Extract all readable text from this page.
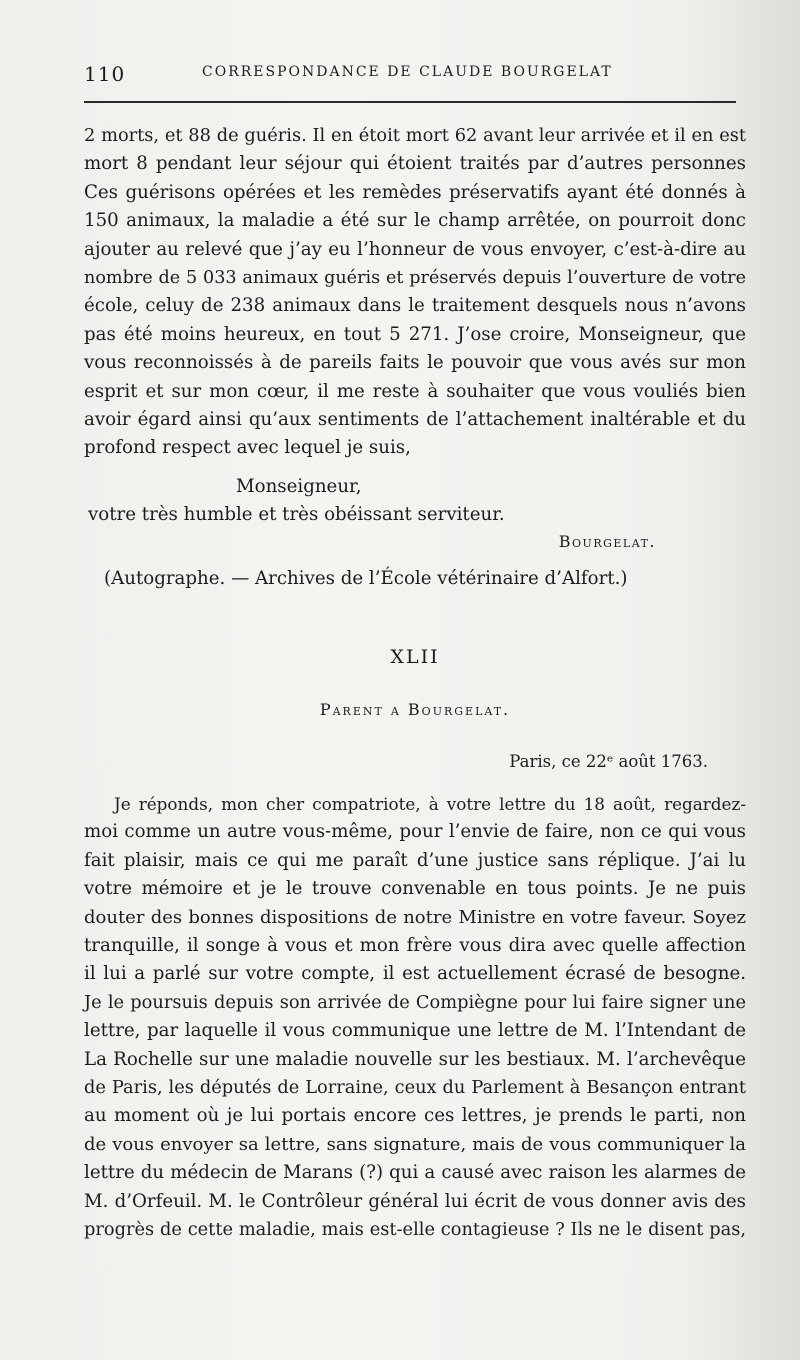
110	CORRESPONDANCE DE CLAUDE BOURGELAT
2 morts, et 88 de guéris. Il en étoit mort 62 avant leur arrivée et il en est
mort 8 pendant leur séjour qui étoient traités par d’autres personnes
Ces guérisons opérées et les remèdes préservatifs ayant été donnés à
150 animaux, la maladie a été sur le champ arrêtée, on pourroit donc
ajouter au relevé que j’ay eu l’honneur de vous envoyer, c’est-à-dire au
nombre de 5 033 animaux guéris et préservés depuis l’ouverture de votre
école, celuy de 238 animaux dans le traitement desquels nous n’avons
pas été moins heureux, en tout 5 271. J’ose croire, Monseigneur, que
vous reconnoissés à de pareils faits le pouvoir que vous avés sur mon
esprit et sur mon cœur, il me reste à souhaiter que vous vouliés bien
avoir égard ainsi qu’aux sentiments de l’attachement inaltérable et du
profond respect avec lequel je suis,
Monseigneur,
votre très humble et très obéissant serviteur.
Bourgelat.
(Autographe. — Archives de l’École vétérinaire d’Alfort.)
XLII
Parent a Bourgelat.
Paris, ce 22ᵉ août 1763.
Je réponds, mon cher compatriote, à votre lettre du 18 août, regardez-
moi comme un autre vous-même, pour l’envie de faire, non ce qui vous
fait plaisir, mais ce qui me paraît d’une justice sans réplique. J’ai lu
votre mémoire et je le trouve convenable en tous points. Je ne puis
douter des bonnes dispositions de notre Ministre en votre faveur. Soyez
tranquille, il songe à vous et mon frère vous dira avec quelle affection
il lui a parlé sur votre compte, il est actuellement écrasé de besogne.
Je le poursuis depuis son arrivée de Compiègne pour lui faire signer une
lettre, par laquelle il vous communique une lettre de M. l’Intendant de
La Rochelle sur une maladie nouvelle sur les bestiaux. M. l’archevêque
de Paris, les députés de Lorraine, ceux du Parlement à Besançon entrant
au moment où je lui portais encore ces lettres, je prends le parti, non
de vous envoyer sa lettre, sans signature, mais de vous communiquer la
lettre du médecin de Marans (?) qui a causé avec raison les alarmes de
M. d’Orfeuil. M. le Contrôleur général lui écrit de vous donner avis des
progrès de cette maladie, mais est-elle contagieuse ? Ils ne le disent pas,
